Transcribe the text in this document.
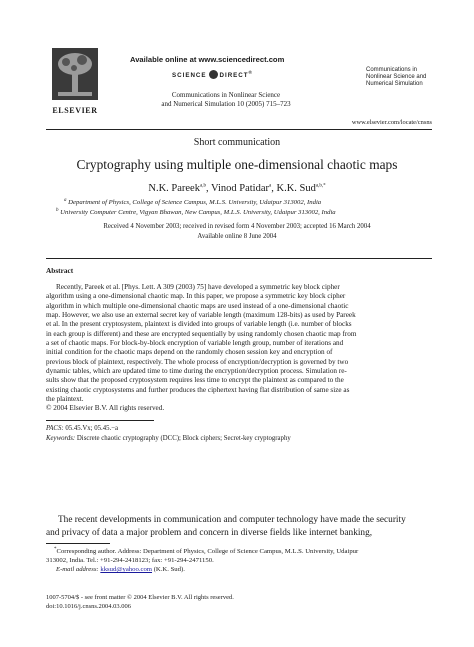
ELSEVIER
Available online at www.sciencedirect.com
SCIENCE DIRECT®
Communications in Nonlinear Science
and Numerical Simulation 10 (2005) 715–723
Communications in
Nonlinear Science and
Numerical Simulation
www.elsevier.com/locate/cnsns
Short communication
Cryptography using multiple one-dimensional chaotic maps
N.K. Pareek$^{a,b}$, Vinod Patidar$^a$, K.K. Sud$^{a,b,*}$
$^a$ Department of Physics, College of Science Campus, M.L.S. University, Udaipur 313002, India
$^b$ University Computer Centre, Vigyan Bhawan, New Campus, M.L.S. University, Udaipur 313002, India
Received 4 November 2003; received in revised form 4 November 2003; accepted 16 March 2004
Available online 8 June 2004
Abstract
Recently, Pareek et al. [Phys. Lett. A 309 (2003) 75] have developed a symmetric key block cipher
algorithm using a one-dimensional chaotic map. In this paper, we propose a symmetric key block cipher
algorithm in which multiple one-dimensional chaotic maps are used instead of a one-dimensional chaotic
map. However, we also use an external secret key of variable length (maximum 128-bits) as used by Pareek
et al. In the present cryptosystem, plaintext is divided into groups of variable length (i.e. number of blocks
in each group is different) and these are encrypted sequentially by using randomly chosen chaotic map from
a set of chaotic maps. For block-by-block encryption of variable length group, number of iterations and
initial condition for the chaotic maps depend on the randomly chosen session key and encryption of
previous block of plaintext, respectively. The whole process of encryption/decryption is governed by two
dynamic tables, which are updated time to time during the encryption/decryption process. Simulation re-
sults show that the proposed cryptosystem requires less time to encrypt the plaintext as compared to the
existing chaotic cryptosystems and further produces the ciphertext having flat distribution of same size as
the plaintext.
© 2004 Elsevier B.V. All rights reserved.
PACS: 05.45.Vx; 05.45.−a
Keywords: Discrete chaotic cryptography (DCC); Block ciphers; Secret-key cryptography
The recent developments in communication and computer technology have made the security
and privacy of data a major problem and concern in diverse fields like internet banking,
*Corresponding author. Address: Department of Physics, College of Science Campus, M.L.S. University, Udaipur
313002, India. Tel.: +91-294-2418123; fax: +91-294-2471150.
E-mail address: kksud@yahoo.com (K.K. Sud).
1007-5704/$ - see front matter © 2004 Elsevier B.V. All rights reserved.
doi:10.1016/j.cnsns.2004.03.006
